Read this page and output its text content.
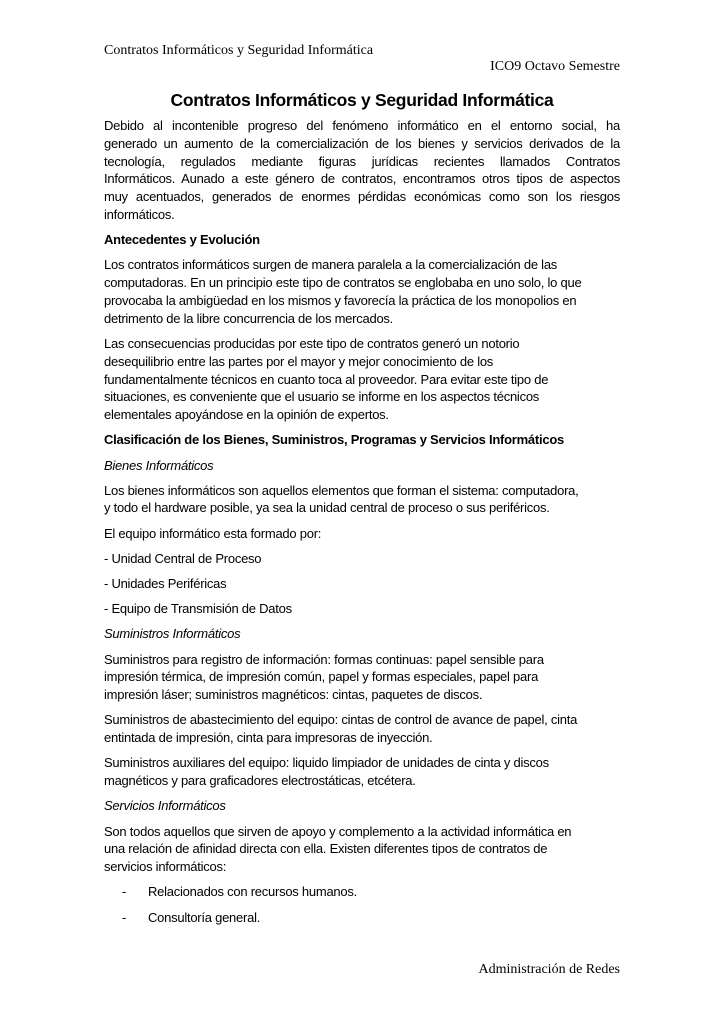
Contratos Informáticos y Seguridad Informática
ICO9 Octavo Semestre
Contratos Informáticos y Seguridad Informática
Debido al incontenible progreso del fenómeno informático en el entorno social, ha
generado un aumento de la comercialización de los bienes y servicios derivados de la
tecnología, regulados mediante figuras jurídicas recientes llamados Contratos
Informáticos. Aunado a este género de contratos, encontramos otros tipos de aspectos
muy acentuados, generados de enormes pérdidas económicas como son los riesgos
informáticos.
Antecedentes y Evolución
Los contratos informáticos surgen de manera paralela a la comercialización de las
computadoras. En un principio este tipo de contratos se englobaba en uno solo, lo que
provocaba la ambigüedad en los mismos y favorecía la práctica de los monopolios en
detrimento de la libre concurrencia de los mercados.
Las consecuencias producidas por este tipo de contratos generó un notorio
desequilibrio entre las partes por el mayor y mejor conocimiento de los
fundamentalmente técnicos en cuanto toca al proveedor. Para evitar este tipo de
situaciones, es conveniente que el usuario se informe en los aspectos técnicos
elementales apoyándose en la opinión de expertos.
Clasificación de los Bienes, Suministros, Programas y Servicios Informáticos
Bienes Informáticos
Los bienes informáticos son aquellos elementos que forman el sistema: computadora,
y todo el hardware posible, ya sea la unidad central de proceso o sus periféricos.
El equipo informático esta formado por:
- Unidad Central de Proceso
- Unidades Periféricas
- Equipo de Transmisión de Datos
Suministros Informáticos
Suministros para registro de información: formas continuas: papel sensible para
impresión térmica, de impresión común, papel y formas especiales, papel para
impresión láser; suministros magnéticos: cintas, paquetes de discos.
Suministros de abastecimiento del equipo: cintas de control de avance de papel, cinta
entintada de impresión, cinta para impresoras de inyección.
Suministros auxiliares del equipo: liquido limpiador de unidades de cinta y discos
magnéticos y para graficadores electrostáticas, etcétera.
Servicios Informáticos
Son todos aquellos que sirven de apoyo y complemento a la actividad informática en
una relación de afinidad directa con ella. Existen diferentes tipos de contratos de
servicios informáticos:
-	Relacionados con recursos humanos.
-	Consultoría general.
Administración de Redes
